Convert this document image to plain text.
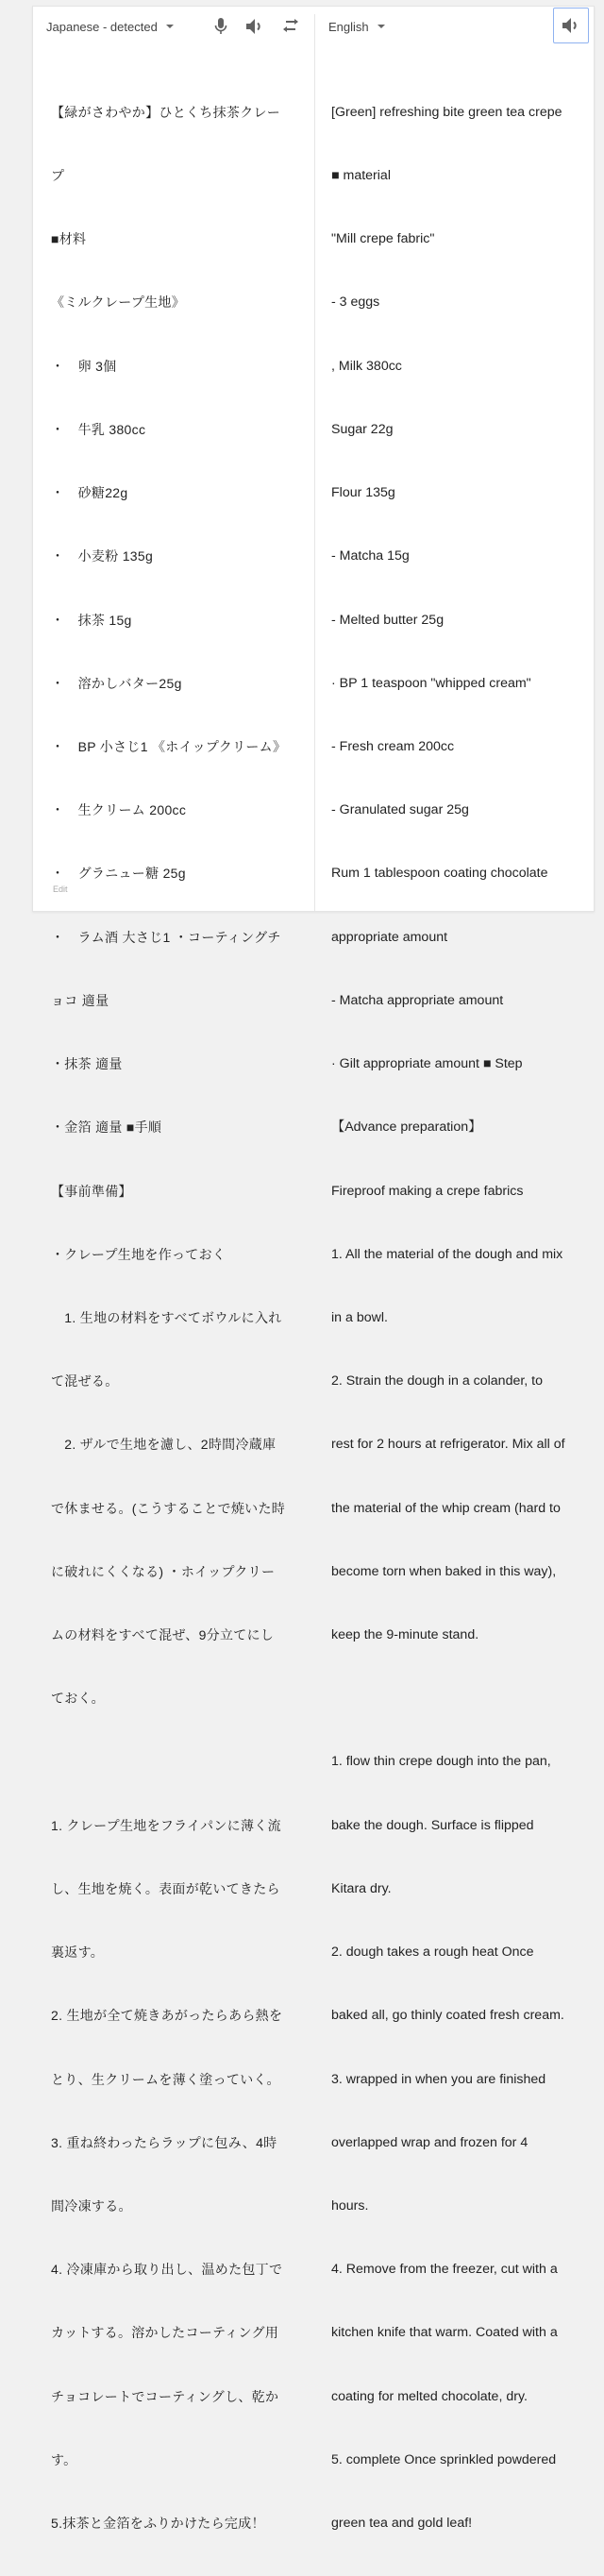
Japanese - detected	English

【緑がさわやか】ひとくち抹茶クレー

プ

■材料

《ミルクレープ生地》

・　卵 3個

・　牛乳 380cc

・　砂糖22g

・　小麦粉 135g

・　抹茶 15g

・　溶かしバター25g

・　BP 小さじ1 《ホイップクリーム》

・　生クリーム 200cc

・　グラニュー糖 25g

・　ラム酒 大さじ1 ・コーティングチ

ョコ 適量

・抹茶 適量

・金箔 適量 ■手順

【事前準備】

・クレープ生地を作っておく

　1. 生地の材料をすべてボウルに入れ

て混ぜる。

　2. ザルで生地を濾し、2時間冷蔵庫

で休ませる。(こうすることで焼いた時

に破れにくくなる) ・ホイップクリー

ムの材料をすべて混ぜ、9分立てにし

ておく。

1. クレープ生地をフライパンに薄く流

し、生地を焼く。表面が乾いてきたら

裏返す。

2. 生地が全て焼きあがったらあら熱を

とり、生クリームを薄く塗っていく。

3. 重ね終わったらラップに包み、4時

間冷凍する。

4. 冷凍庫から取り出し、温めた包丁で

カットする。溶かしたコーティング用

チョコレートでコーティングし、乾か

す。

5.抹茶と金箔をふりかけたら完成！

Edit

[Green] refreshing bite green tea crepe

■ material

"Mill crepe fabric"

- 3 eggs

, Milk 380cc

Sugar 22g

Flour 135g

- Matcha 15g

- Melted butter 25g

· BP 1 teaspoon "whipped cream"

- Fresh cream 200cc

- Granulated sugar 25g

Rum 1 tablespoon coating chocolate

appropriate amount

- Matcha appropriate amount

· Gilt appropriate amount ■ Step

【Advance preparation】

Fireproof making a crepe fabrics

1. All the material of the dough and mix

in a bowl.

2. Strain the dough in a colander, to

rest for 2 hours at refrigerator. Mix all of

the material of the whip cream (hard to

become torn when baked in this way),

keep the 9-minute stand.

1. flow thin crepe dough into the pan,

bake the dough. Surface is flipped

Kitara dry.

2. dough takes a rough heat Once

baked all, go thinly coated fresh cream.

3. wrapped in when you are finished

overlapped wrap and frozen for 4

hours.

4. Remove from the freezer, cut with a

kitchen knife that warm. Coated with a

coating for melted chocolate, dry.

5. complete Once sprinkled powdered

green tea and gold leaf!
